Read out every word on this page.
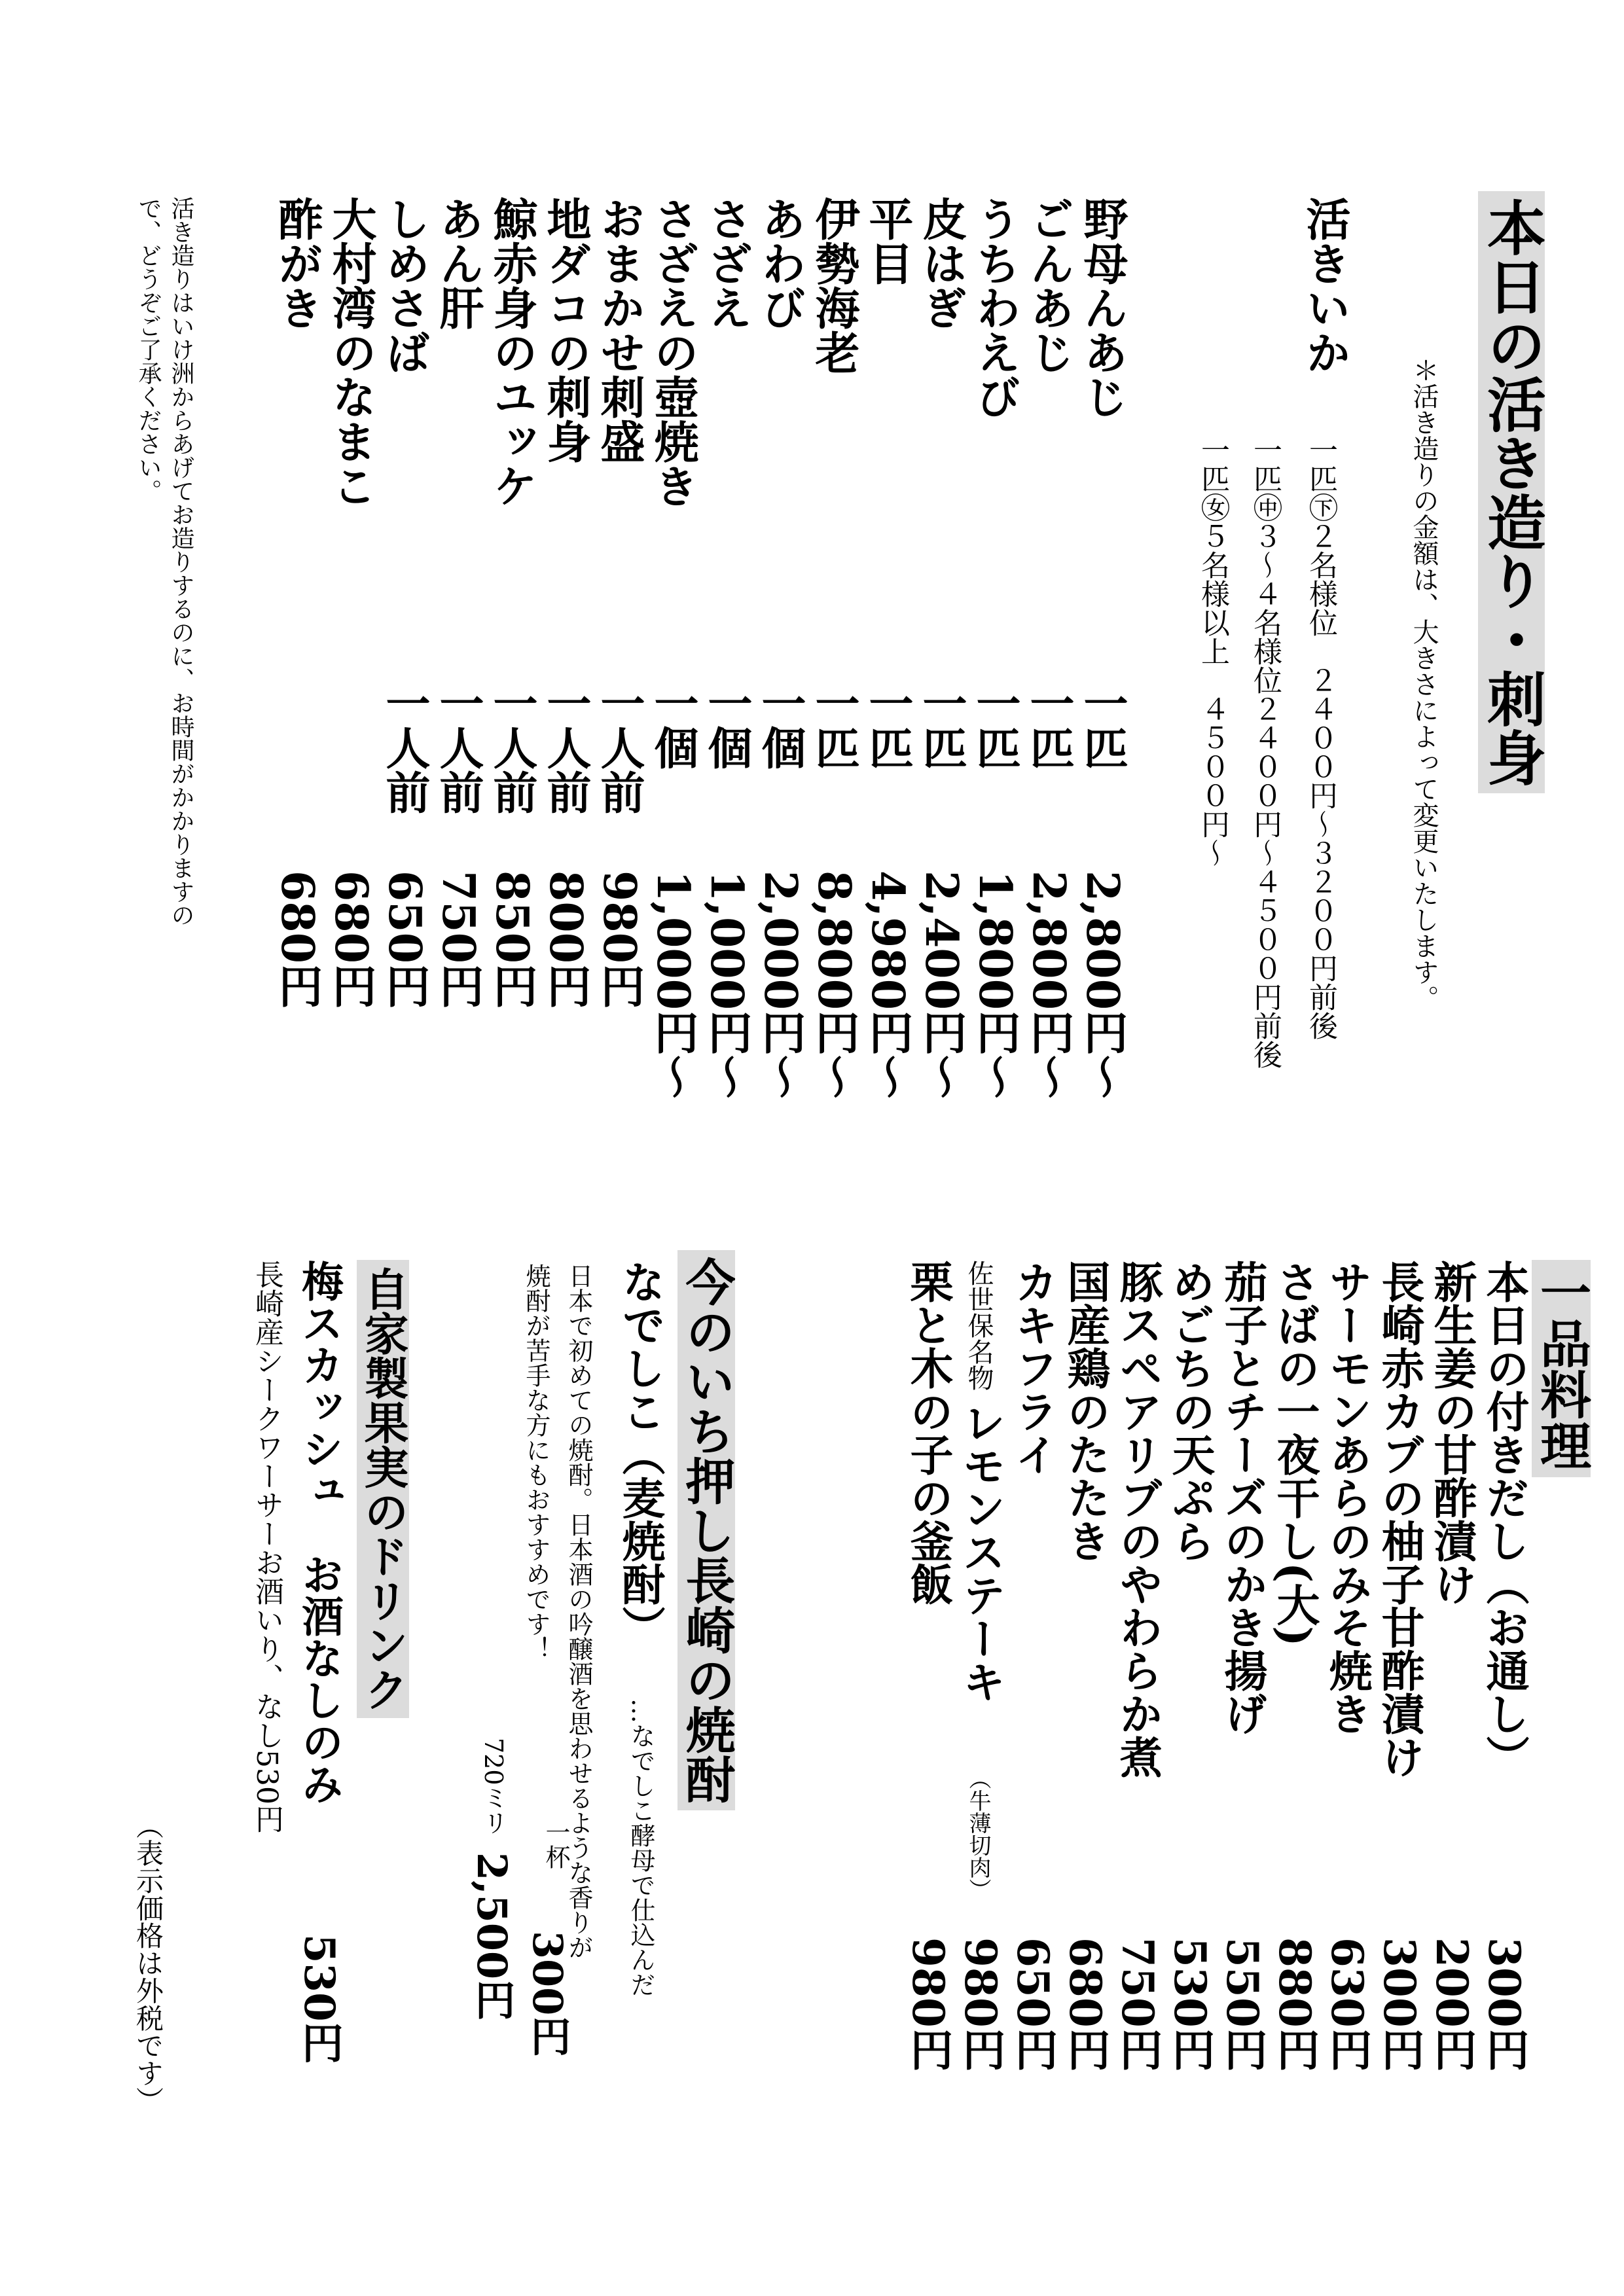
本日の活き造り・刺身
＊活き造りの金額は、大きさによって変更いたします。
活きいか
一匹㊦２名様位　２４００円〜３２００円前後
一匹㊥３〜４名様位２４００円〜４５００円前後
一匹㊛５名様以上　４５００円〜
野母んあじ
一匹
2,800円〜
ごんあじ
一匹
2,800円〜
うちわえび
一匹
1,800円〜
皮はぎ
一匹
2,400円〜
平目
一匹
4,980円〜
伊勢海老
一匹
8,800円〜
あわび
一個
2,000円〜
さざえ
一個
1,000円〜
さざえの壺焼き
一個
1,000円〜
おまかせ刺盛
一人前
980円
地ダコの刺身
一人前
800円
鯨赤身のユッケ
一人前
850円
あん肝
一人前
750円
しめさば
一人前
650円
大村湾のなまこ
680円
酢がき
680円
活き造りはいけ洲からあげてお造りするのに、お時間がかかりますの
で、どうぞご了承ください。
一品料理
本日の付きだし（お通し）
300円
新生姜の甘酢漬け
200円
長崎赤カブの柚子甘酢漬け
300円
サーモンあらのみそ焼き
630円
さばの一夜干し(大)
880円
茄子とチーズのかき揚げ
550円
めごちの天ぷら
530円
豚スペアリブのやわらか煮
750円
国産鶏のたたき
680円
カキフライ
650円
佐世保名物
レモンステーキ
（牛薄切肉）
980円
栗と木の子の釜飯
980円
今のいち押し長崎の焼酎
なでしこ（麦焼酎）
…なでしこ酵母で仕込んだ
日本で初めての焼酎。日本酒の吟醸酒を思わせるような香りが
焼酎が苦手な方にもおすすめです！
720ミリ
一杯
300円
2,500円
自家製果実のドリンク
梅スカッシュ　お酒なしのみ
530円
長崎産シークワーサーお酒いり、なし530円
（表示価格は外税です）
